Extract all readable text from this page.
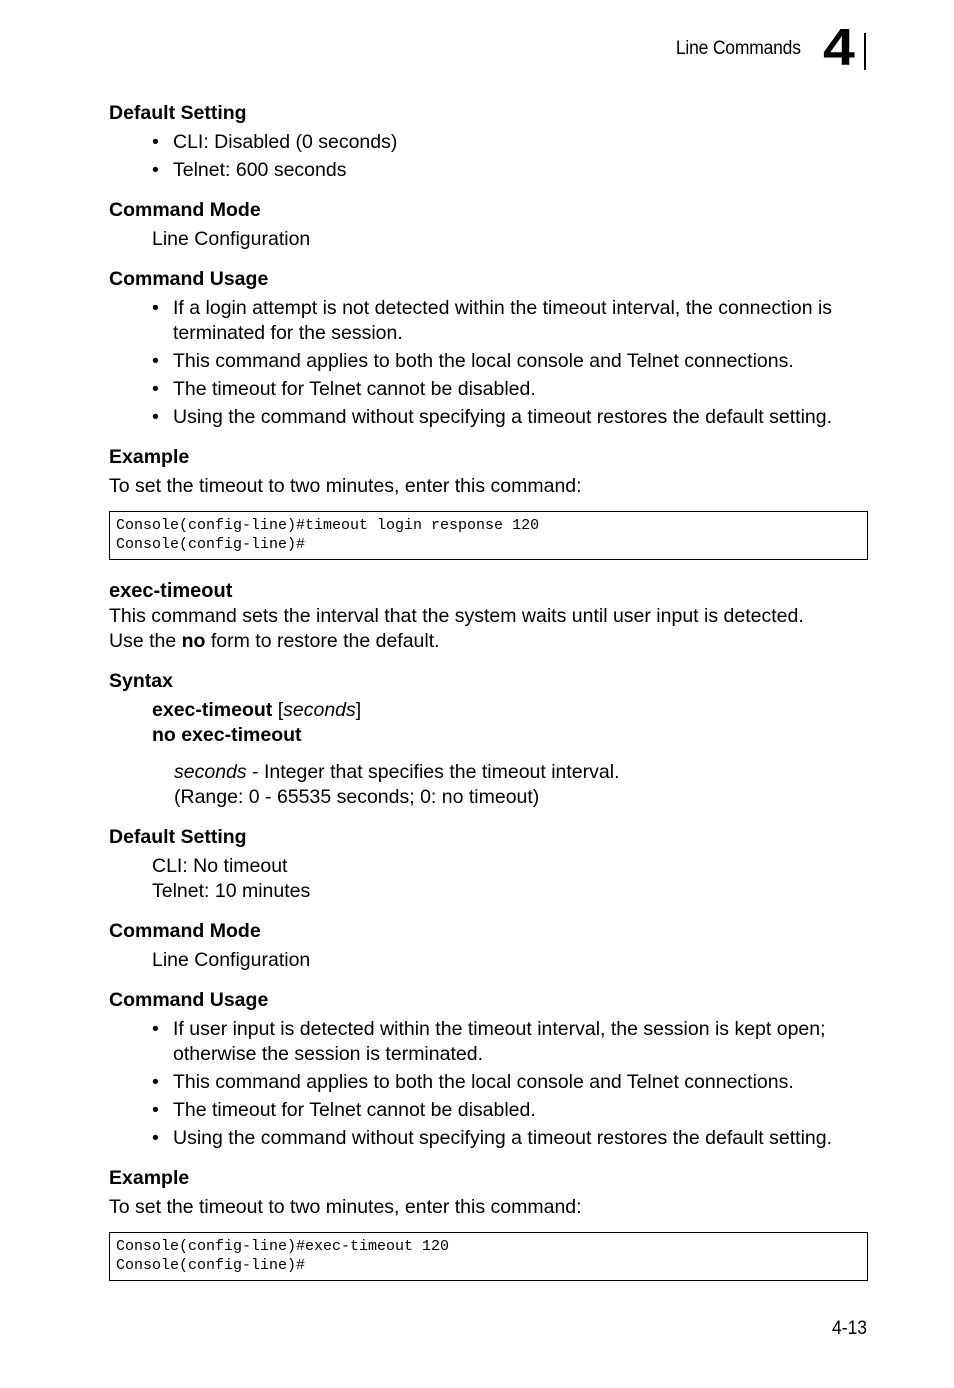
Line Commands 4

Default Setting

• CLI: Disabled (0 seconds)
• Telnet: 600 seconds

Command Mode

Line Configuration

Command Usage

• If a login attempt is not detected within the timeout interval, the connection is terminated for the session.
• This command applies to both the local console and Telnet connections.
• The timeout for Telnet cannot be disabled.
• Using the command without specifying a timeout restores the default setting.

Example

To set the timeout to two minutes, enter this command:

Console(config-line)#timeout login response 120
Console(config-line)#

exec-timeout

This command sets the interval that the system waits until user input is detected.
Use the no form to restore the default.

Syntax

exec-timeout [seconds]

no exec-timeout

seconds - Integer that specifies the timeout interval.
(Range: 0 - 65535 seconds; 0: no timeout)

Default Setting

CLI: No timeout
Telnet: 10 minutes

Command Mode

Line Configuration

Command Usage

• If user input is detected within the timeout interval, the session is kept open; otherwise the session is terminated.
• This command applies to both the local console and Telnet connections.
• The timeout for Telnet cannot be disabled.
• Using the command without specifying a timeout restores the default setting.

Example

To set the timeout to two minutes, enter this command:

Console(config-line)#exec-timeout 120
Console(config-line)#
4-13
